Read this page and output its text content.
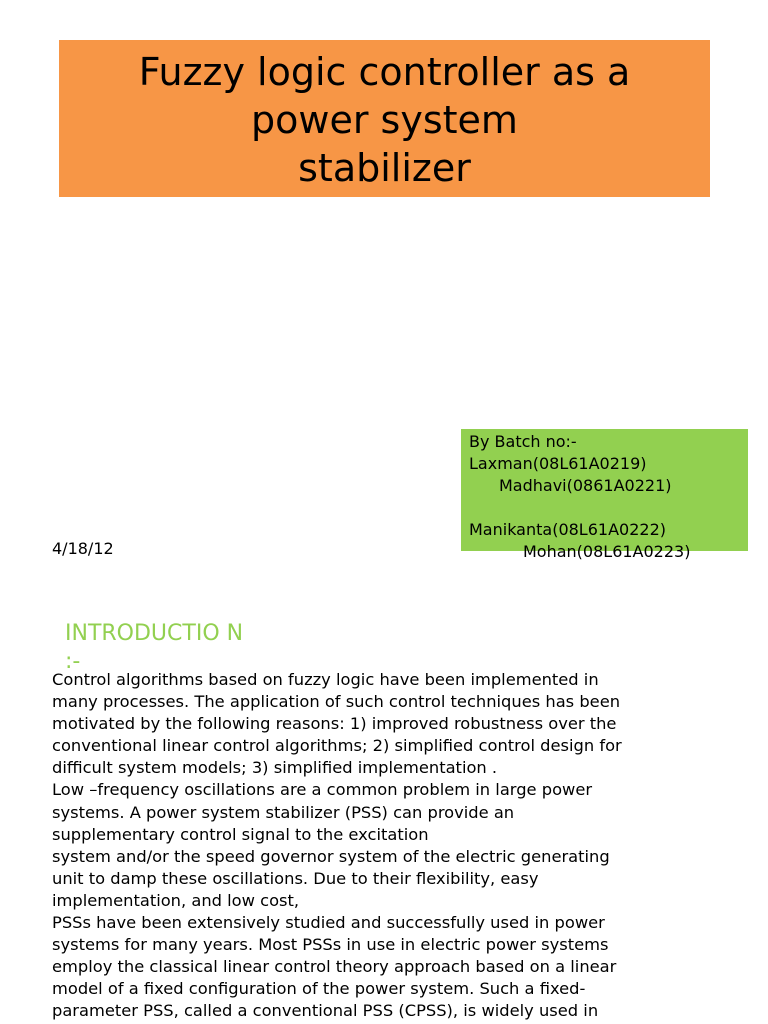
Fuzzy logic controller as a
power system
stabilizer
By Batch no:-
Laxman(08L61A0219)
Madhavi(0861A0221)
Manikanta(08L61A0222)
Mohan(08L61A0223)
4/18/12
INTRODUCTIO N :-
Control algorithms based on fuzzy logic have been implemented in
many processes. The application of such control techniques has been
motivated by the following reasons: 1) improved robustness over the
conventional linear control algorithms; 2) simplified control design for
difficult system models; 3) simplified implementation .
Low –frequency oscillations are a common problem in large power
systems. A power system stabilizer (PSS) can provide an
supplementary control signal to the excitation
system and/or the speed governor system of the electric generating
unit to damp these oscillations. Due to their flexibility, easy
implementation, and low cost,
PSSs have been extensively studied and successfully used in power
systems for many years. Most PSSs in use in electric power systems
employ the classical linear control theory approach based on a linear
model of a fixed configuration of the power system. Such a fixed-
parameter PSS, called a conventional PSS (CPSS), is widely used in
